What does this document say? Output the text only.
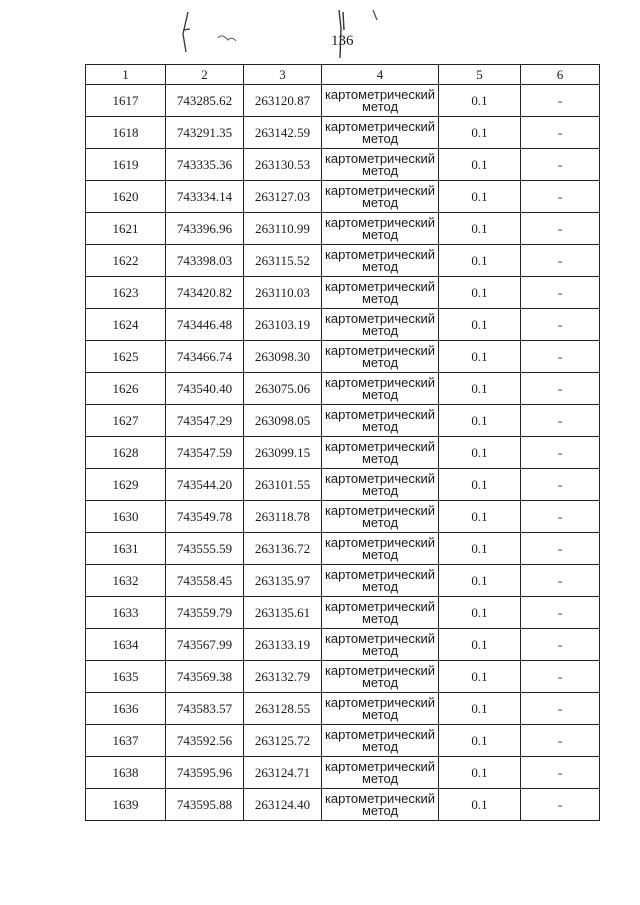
136
1	2	3	4	5	6
1617	743285.62	263120.87	картометрический
метод	0.1	-
1618	743291.35	263142.59	картометрический
метод	0.1	-
1619	743335.36	263130.53	картометрический
метод	0.1	-
1620	743334.14	263127.03	картометрический
метод	0.1	-
1621	743396.96	263110.99	картометрический
метод	0.1	-
1622	743398.03	263115.52	картометрический
метод	0.1	-
1623	743420.82	263110.03	картометрический
метод	0.1	-
1624	743446.48	263103.19	картометрический
метод	0.1	-
1625	743466.74	263098.30	картометрический
метод	0.1	-
1626	743540.40	263075.06	картометрический
метод	0.1	-
1627	743547.29	263098.05	картометрический
метод	0.1	-
1628	743547.59	263099.15	картометрический
метод	0.1	-
1629	743544.20	263101.55	картометрический
метод	0.1	-
1630	743549.78	263118.78	картометрический
метод	0.1	-
1631	743555.59	263136.72	картометрический
метод	0.1	-
1632	743558.45	263135.97	картометрический
метод	0.1	-
1633	743559.79	263135.61	картометрический
метод	0.1	-
1634	743567.99	263133.19	картометрический
метод	0.1	-
1635	743569.38	263132.79	картометрический
метод	0.1	-
1636	743583.57	263128.55	картометрический
метод	0.1	-
1637	743592.56	263125.72	картометрический
метод	0.1	-
1638	743595.96	263124.71	картометрический
метод	0.1	-
1639	743595.88	263124.40	картометрический
метод	0.1	-
